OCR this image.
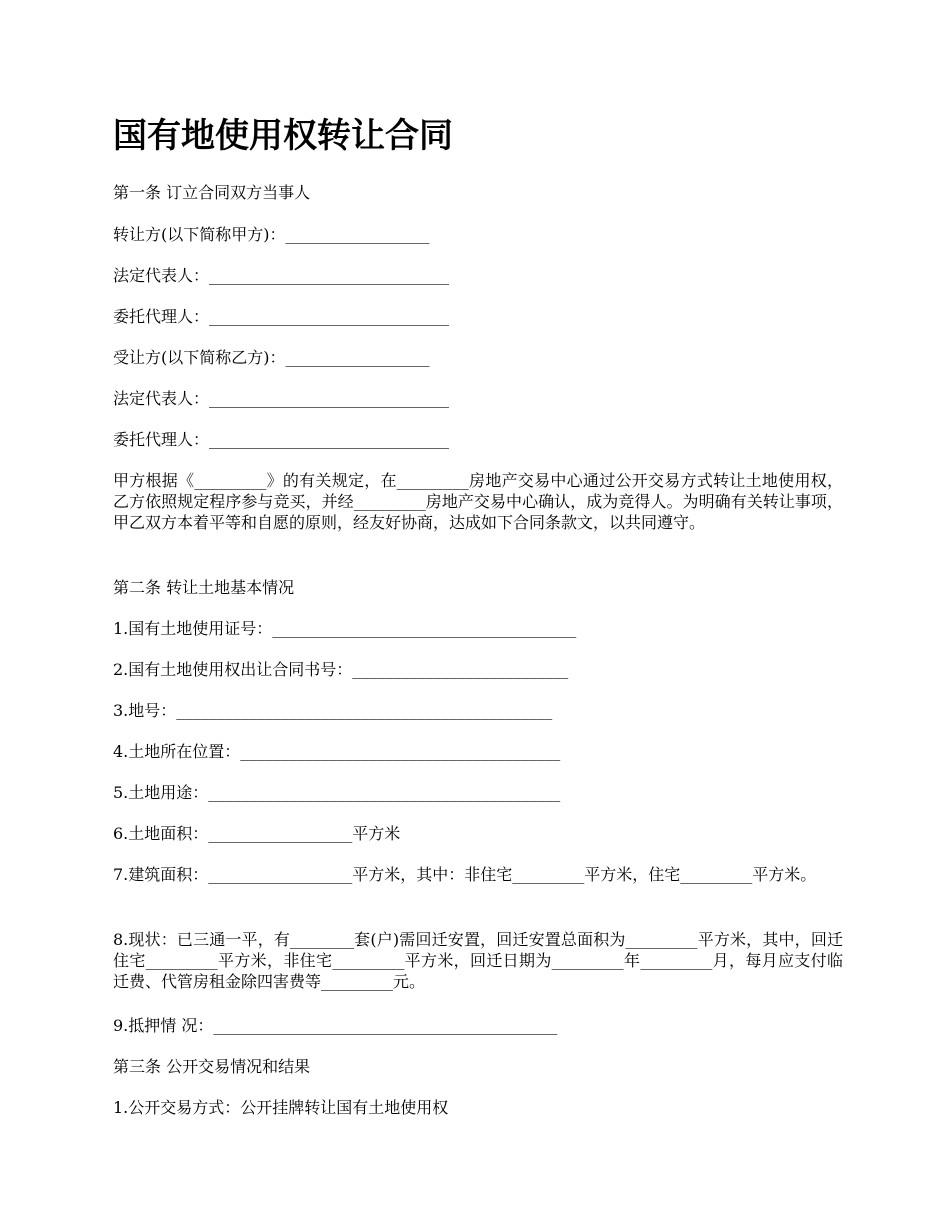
国有地使用权转让合同

第一条 订立合同双方当事人

转让方(以下简称甲方)：__________________

法定代表人：______________________________

委托代理人：______________________________

受让方(以下简称乙方)：__________________

法定代表人：______________________________

委托代理人：______________________________

甲方根据《_________》的有关规定，在_________房地产交易中心通过公开交易方式转让土地使用权，乙方依照规定程序参与竞买，并经_________房地产交易中心确认，成为竞得人。为明确有关转让事项，甲乙双方本着平等和自愿的原则，经友好协商，达成如下合同条款文，以共同遵守。

第二条 转让土地基本情况

1.国有土地使用证号：______________________________________

2.国有土地使用权出让合同书号：___________________________

3.地号：_______________________________________________

4.土地所在位置：________________________________________

5.土地用途：____________________________________________

6.土地面积：__________________平方米

7.建筑面积：__________________平方米，其中：非住宅_________平方米，住宅_________平方米。

8.现状：已三通一平，有________套(户)需回迁安置，回迁安置总面积为_________平方米，其中，回迁住宅_________平方米，非住宅_________平方米，回迁日期为_________年_________月，每月应支付临迁费、代管房租金除四害费等_________元。

9.抵押情 况：___________________________________________

第三条 公开交易情况和结果

1.公开交易方式：公开挂牌转让国有土地使用权
